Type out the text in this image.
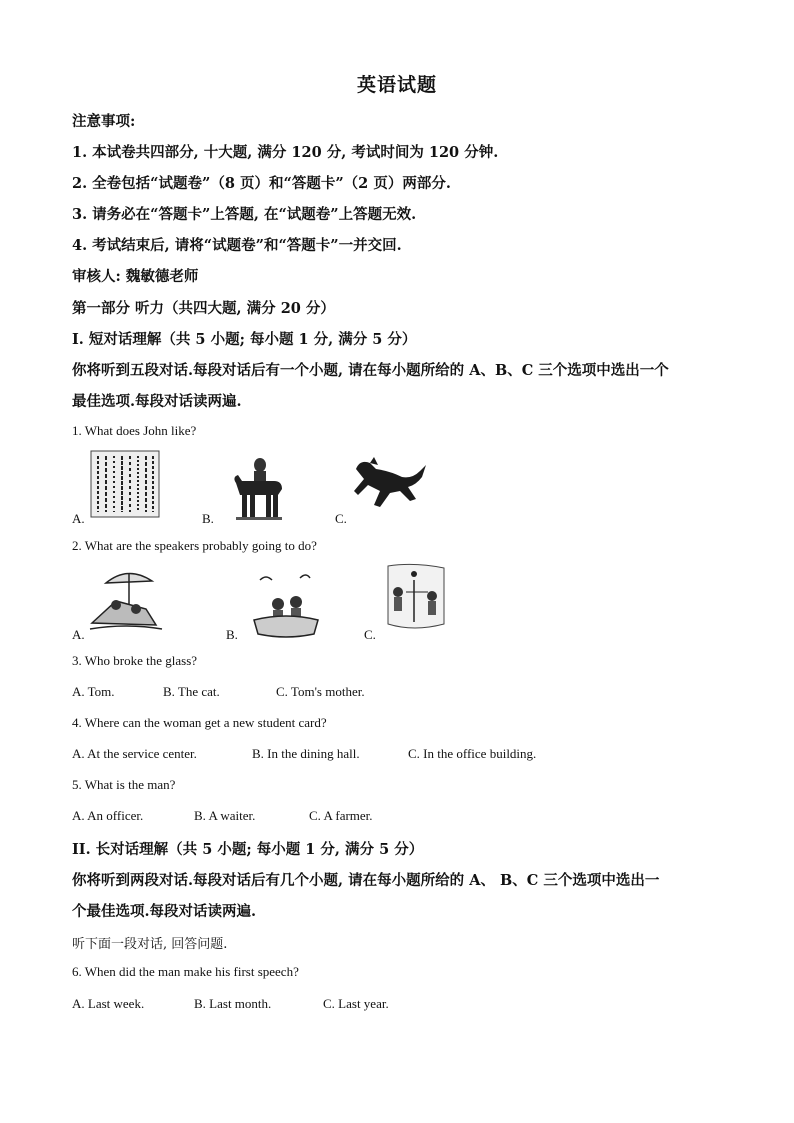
英语试题
注意事项:
1. 本试卷共四部分, 十大题, 满分 120 分, 考试时间为 120 分钟.
2. 全卷包括“试题卷”（8 页）和“答题卡”（2 页）两部分.
3. 请务必在“答题卡”上答题, 在“试题卷”上答题无效.
4. 考试结束后, 请将“试题卷”和“答题卡”一并交回.
审核人: 魏敏德老师
第一部分 听力（共四大题, 满分 20 分）
I. 短对话理解（共 5 小题; 每小题 1 分, 满分 5 分）
你将听到五段对话.每段对话后有一个小题, 请在每小题所给的 A、B、C 三个选项中选出一个
最佳选项.每段对话读两遍.
1. What does John like?
A.	B.	C.
2. What are the speakers probably going to do?
A.	B.	C.
3. Who broke the glass?
A. Tom.	B. The cat.	C. Tom's mother.
4. Where can the woman get a new student card?
A. At the service center.	B. In the dining hall.	C. In the office building.
5. What is the man?
A. An officer.	B. A waiter.	C. A farmer.
II. 长对话理解（共 5 小题; 每小题 1 分, 满分 5 分）
你将听到两段对话.每段对话后有几个小题, 请在每小题所给的 A、 B、C 三个选项中选出一
个最佳选项.每段对话读两遍.
听下面一段对话, 回答问题.
6. When did the man make his first speech?
A. Last week.	B. Last month.	C. Last year.
